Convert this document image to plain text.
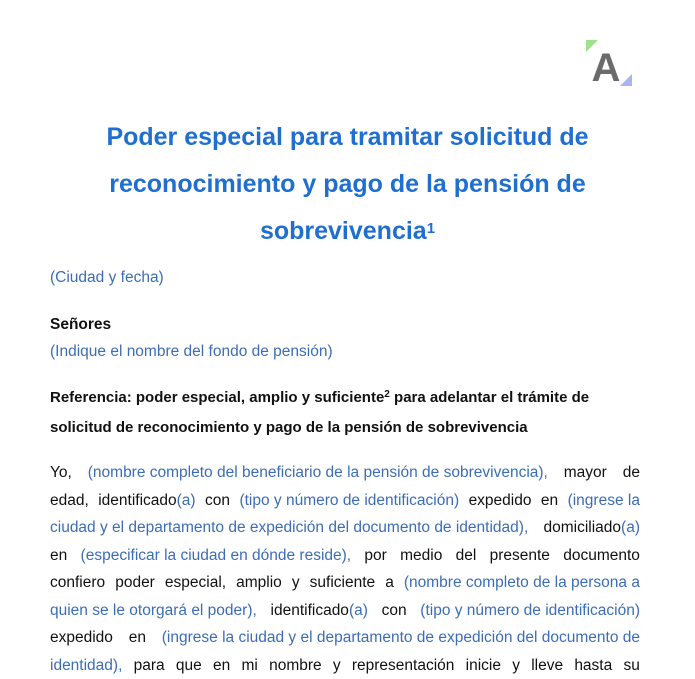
A
Poder especial para tramitar solicitud de
reconocimiento y pago de la pensión de
sobrevivencia$^1$
(Ciudad y fecha)
Señores
(Indique el nombre del fondo de pensión)
Referencia: poder especial, amplio y suficiente$^2$ para adelantar el trámite de
solicitud de reconocimiento y pago de la pensión de sobrevivencia
Yo, (nombre completo del beneficiario de la pensión de sobrevivencia), mayor de
edad, identificado(a) con (tipo y número de identificación) expedido en (ingrese la
ciudad y el departamento de expedición del documento de identidad), domiciliado(a)
en (especificar la ciudad en dónde reside), por medio del presente documento
confiero poder especial, amplio y suficiente a (nombre completo de la persona a
quien se le otorgará el poder), identificado(a) con (tipo y número de identificación)
expedido en (ingrese la ciudad y el departamento de expedición del documento de
identidad), para que en mi nombre y representación inicie y lleve hasta su
